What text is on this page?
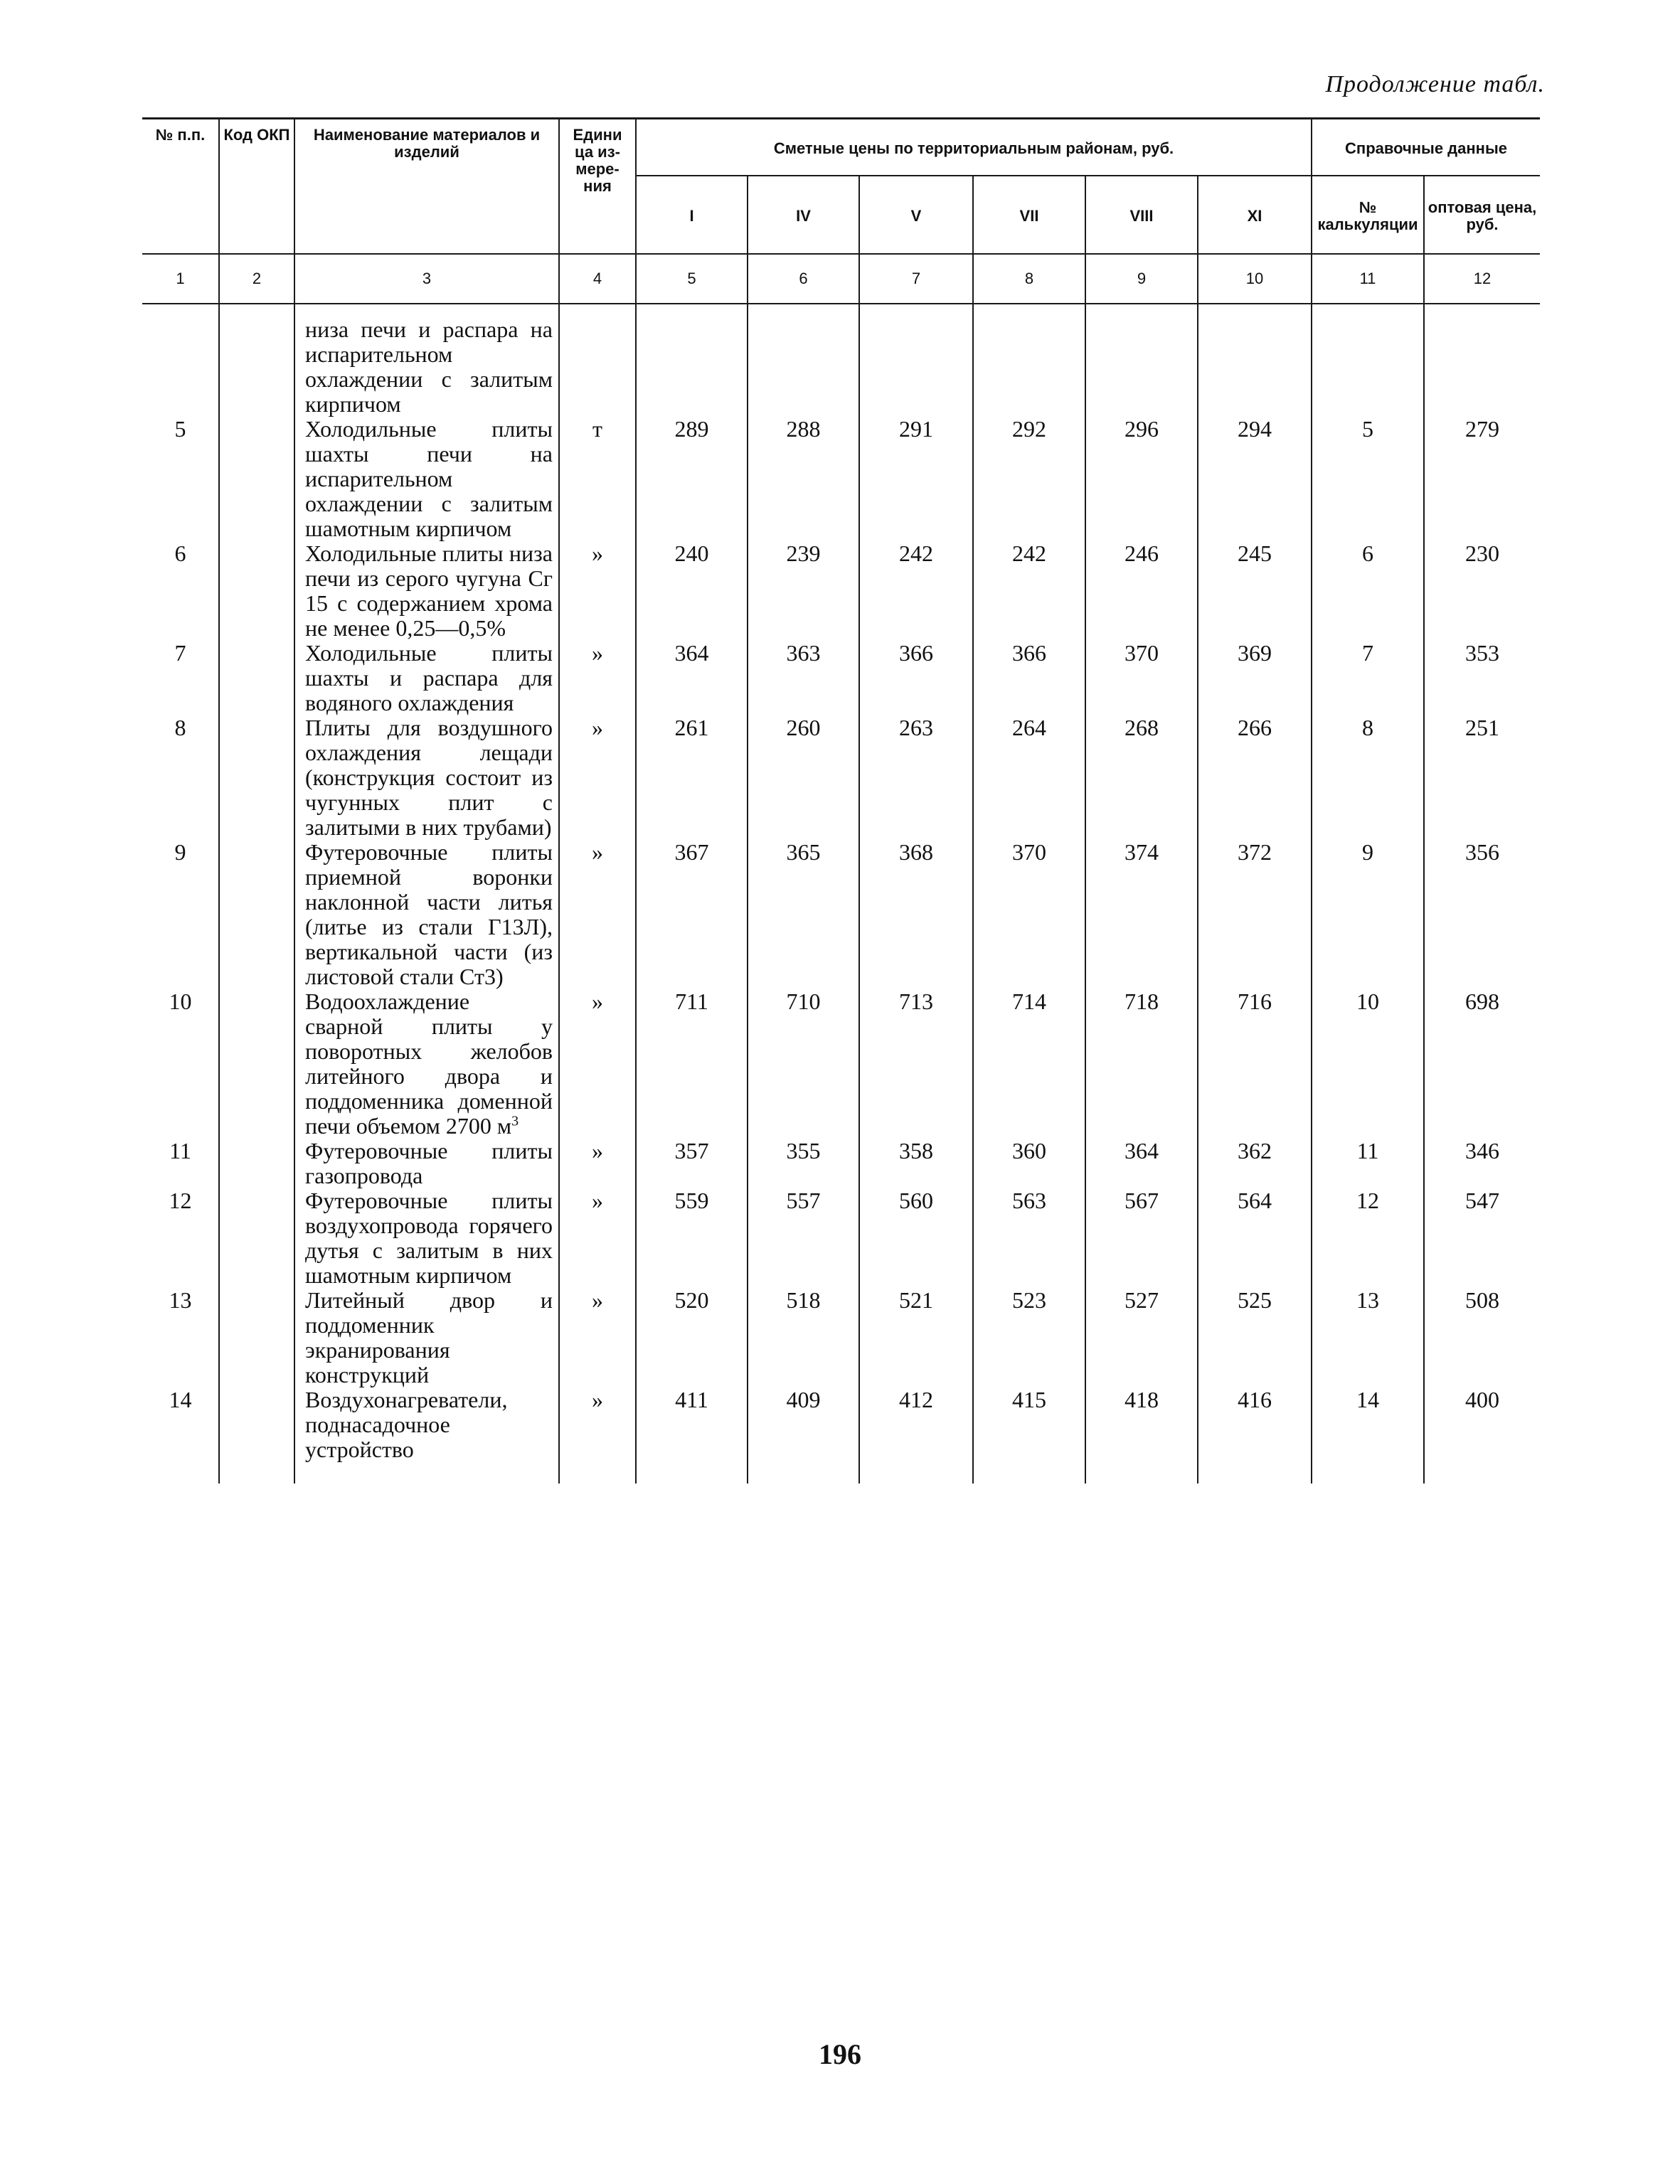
Продолжение табл.
№ п.п.	Код ОКП	Наименование материалов и изделий	Едини ца из-мере-ния	Сметные цены по территориальным районам, руб.						Справочные данные	
				I	IV	V	VII	VIII	XI	№ калькуляции	оптовая цена, руб.
1	2	3	4	5	6	7	8	9	10	11	12
		низа печи и распара на испарительном охлаждении с залитым кирпичом									
5		Холодильные плиты шахты печи на испарительном охлаждении с залитым шамотным кирпичом	т	289	288	291	292	296	294	5	279
6		Холодильные плиты низа печи из серого чугуна Сг 15 с содержанием хрома не менее 0,25—0,5%	»	240	239	242	242	246	245	6	230
7		Холодильные плиты шахты и распара для водяного охлаждения	»	364	363	366	366	370	369	7	353
8		Плиты для воздушного охлаждения лещади (конструкция состоит из чугунных плит с залитыми в них трубами)	»	261	260	263	264	268	266	8	251
9		Футеровочные плиты приемной воронки наклонной части литья (литье из стали Г13Л), вертикальной части (из листовой стали Ст3)	»	367	365	368	370	374	372	9	356
10		Водоохлаждение сварной плиты у поворотных желобов литейного двора и поддоменника доменной печи объемом 2700 $м^3$	»	711	710	713	714	718	716	10	698
11		Футеровочные плиты газопровода	»	357	355	358	360	364	362	11	346
12		Футеровочные плиты воздухопровода горячего дутья с залитым в них шамотным кирпичом	»	559	557	560	563	567	564	12	547
13		Литейный двор и поддоменник экранирования конструкций	»	520	518	521	523	527	525	13	508
14		Воздухонагреватели, поднасадочное устройство	»	411	409	412	415	418	416	14	400
196
